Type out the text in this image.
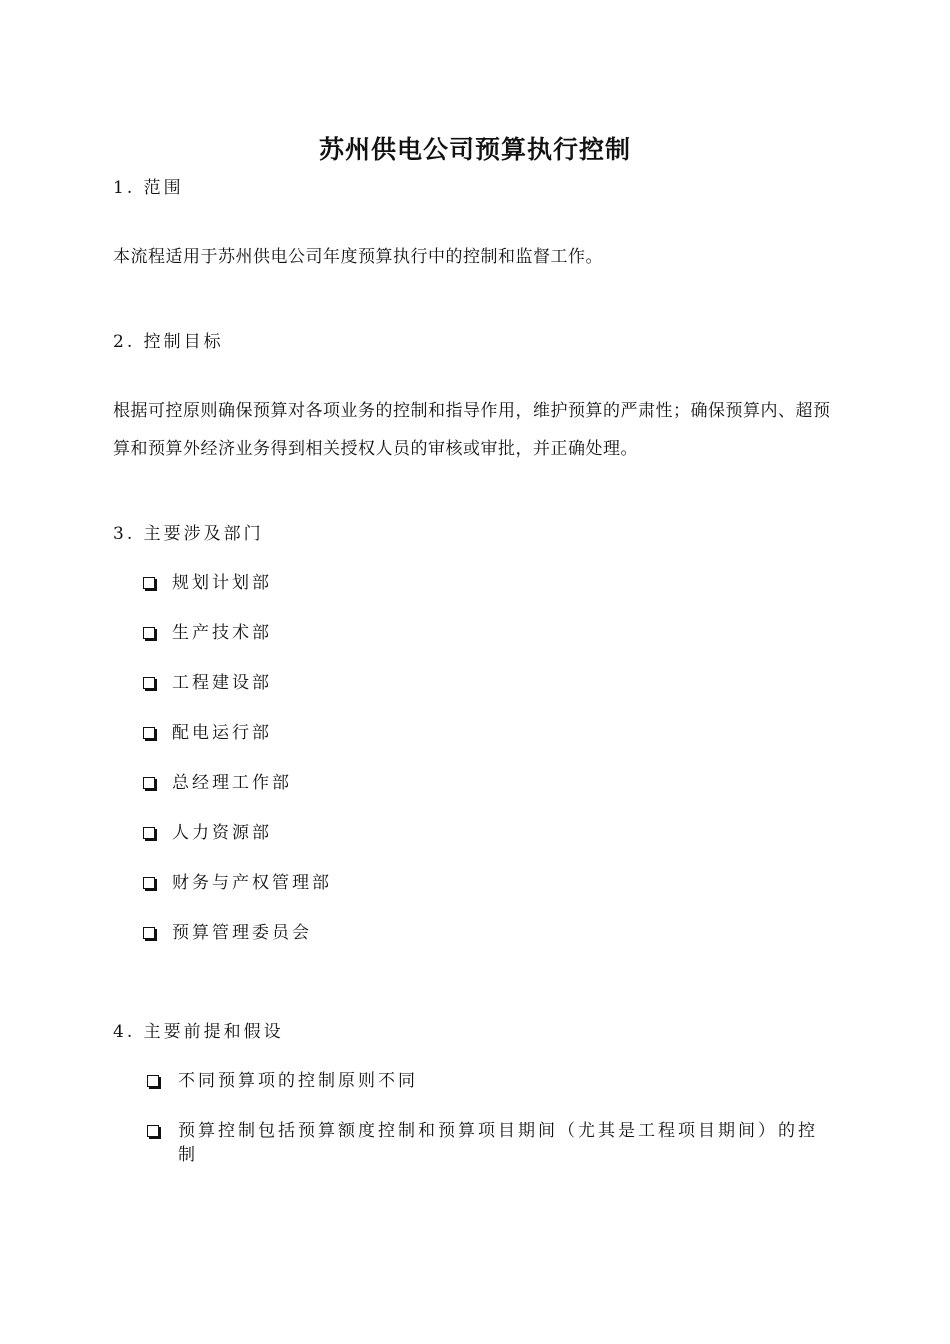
苏州供电公司预算执行控制

1. 范围

本流程适用于苏州供电公司年度预算执行中的控制和监督工作。

2. 控制目标

根据可控原则确保预算对各项业务的控制和指导作用，维护预算的严肃性；确保预算内、超预算和预算外经济业务得到相关授权人员的审核或审批，并正确处理。

3. 主要涉及部门

规划计划部
生产技术部
工程建设部
配电运行部
总经理工作部
人力资源部
财务与产权管理部
预算管理委员会

4. 主要前提和假设

不同预算项的控制原则不同
预算控制包括预算额度控制和预算项目期间（尤其是工程项目期间）的控制
